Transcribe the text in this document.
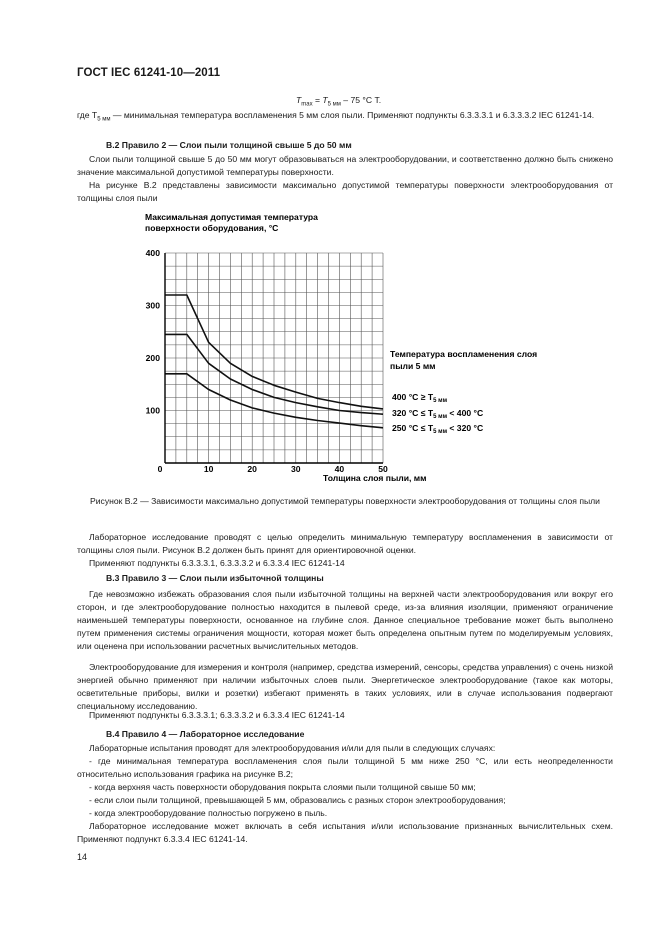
ГОСТ IEC 61241-10—2011
$T_{max} = T_{5 мм} - 75$ °С Т.
где $T_{5 мм}$ — минимальная температура воспламенения 5 мм слоя пыли. Применяют подпункты 6.3.3.3.1 и 6.3.3.3.2 IEC 61241-14.
В.2 Правило 2 — Слои пыли толщиной свыше 5 до 50 мм
Слои пыли толщиной свыше 5 до 50 мм могут образовываться на электрооборудовании, и соответственно должно быть снижено значение максимальной допустимой температуры поверхности.
На рисунке В.2 представлены зависимости максимально допустимой температуры поверхности электрооборудования от толщины слоя пыли
Максимальная допустимая температура
поверхности оборудования, °С
100
200
300
400
0	10	20	30	40	50
Толщина слоя пыли, мм
Температура воспламенения слоя
пыли 5 мм
400 $^\circ С \ge T_{5 мм}$
320 $^\circ С \le T_{5 мм} < 400$ °С
250 $^\circ С \le T_{5 мм} < 320$ °С
Рисунок В.2 — Зависимости максимально допустимой температуры поверхности электрооборудования от толщины слоя пыли
Лабораторное исследование проводят с целью определить минимальную температуру воспламенения в зависимости от толщины слоя пыли. Рисунок В.2 должен быть принят для ориентировочной оценки.
Применяют подпункты 6.3.3.3.1, 6.3.3.3.2 и 6.3.3.4 IEC 61241-14
В.3 Правило 3 — Слои пыли избыточной толщины
Где невозможно избежать образования слоя пыли избыточной толщины на верхней части электрооборудования или вокруг его сторон, и где электрооборудование полностью находится в пылевой среде, из-за влияния изоляции, применяют ограничение наименьшей температуры поверхности, основанное на глубине слоя. Данное специальное требование может быть выполнено путем применения системы ограничения мощности, которая может быть определена опытным путем по моделируемым условиях, или оценена при использовании расчетных вычислительных методов.
Электрооборудование для измерения и контроля (например, средства измерений, сенсоры, средства управления) с очень низкой энергией обычно применяют при наличии избыточных слоев пыли. Энергетическое электрооборудование (такое как моторы, осветительные приборы, вилки и розетки) избегают применять в таких условиях, или в случае использования подвергают специальному исследованию.
Применяют подпункты 6.3.3.3.1; 6.3.3.3.2 и 6.3.3.4 IEC 61241-14
В.4 Правило 4 — Лабораторное исследование
Лабораторные испытания проводят для электрооборудования и/или для пыли в следующих случаях:
- где минимальная температура воспламенения слоя пыли толщиной 5 мм ниже 250 °С, или есть неопределенности относительно использования графика на рисунке В.2;
- когда верхняя часть поверхности оборудования покрыта слоями пыли толщиной свыше 50 мм;
- если слои пыли толщиной, превышающей 5 мм, образовались с разных сторон электрооборудования;
- когда электрооборудование полностью погружено в пыль.
Лабораторное исследование может включать в себя испытания и/или использование признанных вычислительных схем. Применяют подпункт 6.3.3.4 IEC 61241-14.
14
